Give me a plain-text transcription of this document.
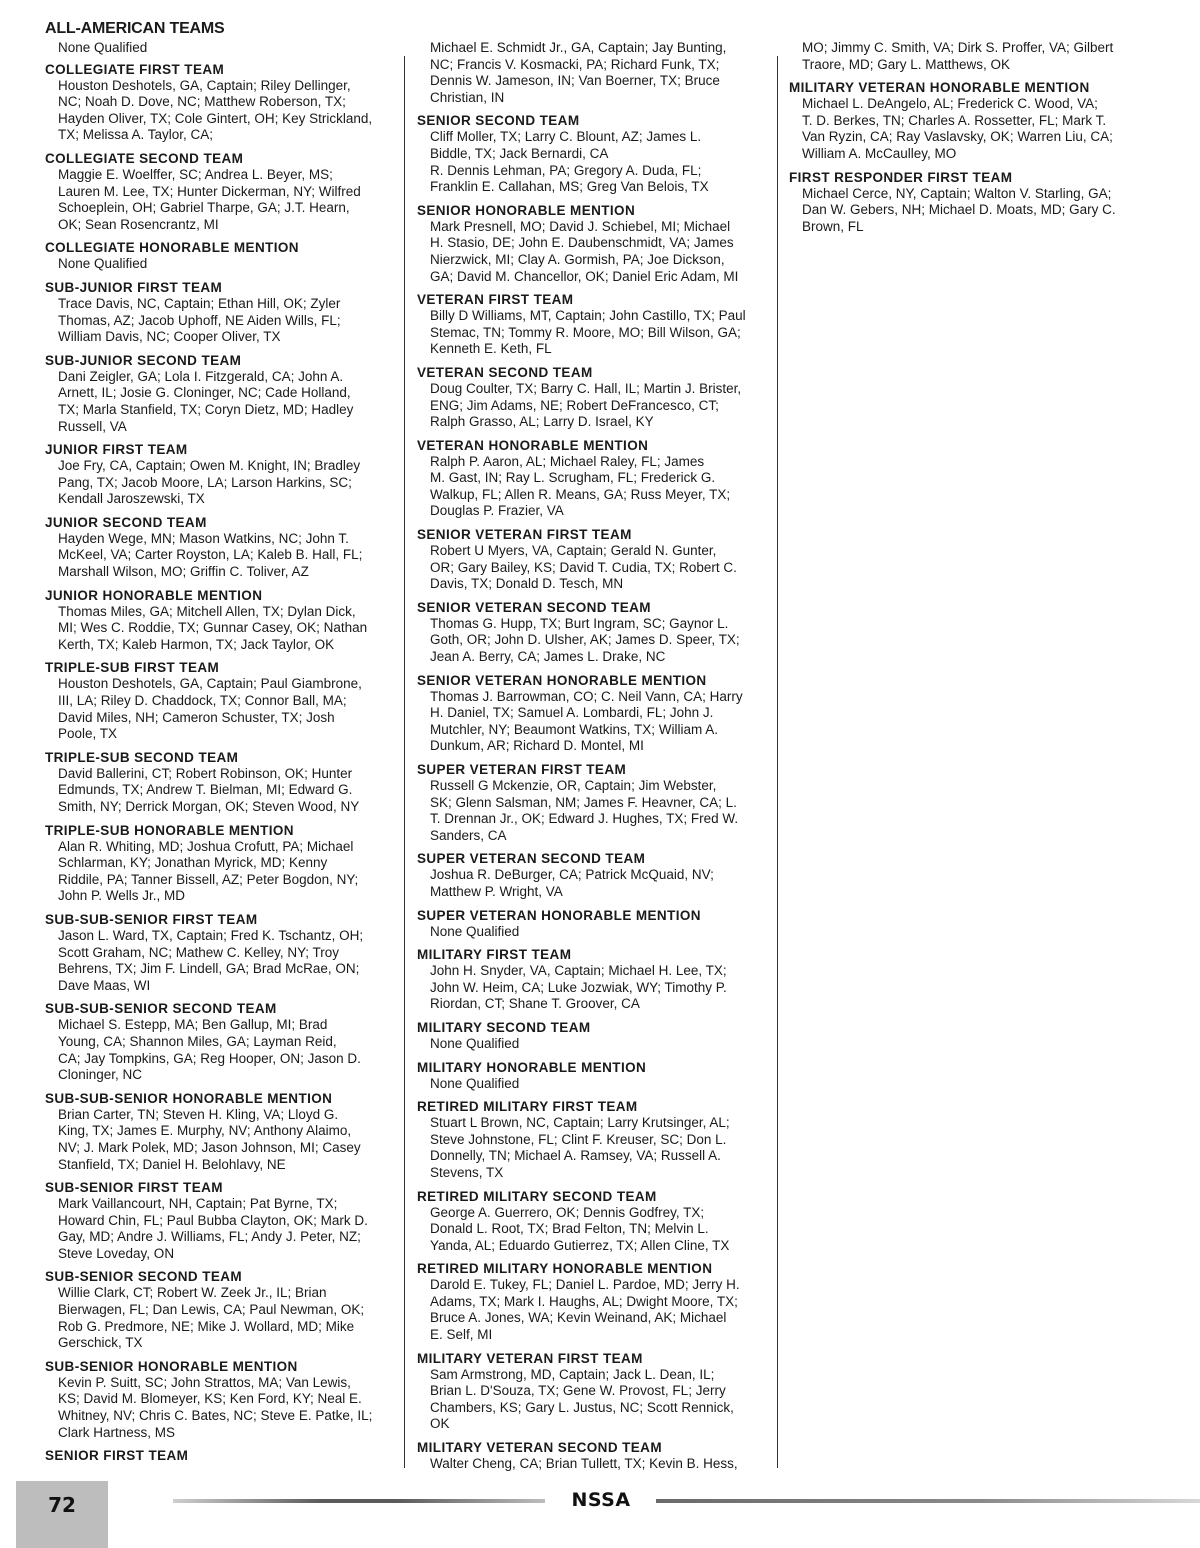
ALL-AMERICAN TEAMS
None Qualified
COLLEGIATE FIRST TEAM
Houston Deshotels, GA, Captain; Riley Dellinger,
NC; Noah D. Dove, NC; Matthew Roberson, TX;
Hayden Oliver, TX; Cole Gintert, OH; Key Strickland,
TX; Melissa A. Taylor, CA;
COLLEGIATE SECOND TEAM
Maggie E. Woelffer, SC; Andrea L. Beyer, MS;
Lauren M. Lee, TX; Hunter Dickerman, NY; Wilfred
Schoeplein, OH; Gabriel Tharpe, GA; J.T. Hearn,
OK; Sean Rosencrantz, MI
COLLEGIATE HONORABLE MENTION
None Qualified
SUB-JUNIOR FIRST TEAM
Trace Davis, NC, Captain; Ethan Hill, OK; Zyler
Thomas, AZ; Jacob Uphoff, NE Aiden Wills, FL;
William Davis, NC; Cooper Oliver, TX
SUB-JUNIOR SECOND TEAM
Dani Zeigler, GA; Lola I. Fitzgerald, CA; John A.
Arnett, IL; Josie G. Cloninger, NC; Cade Holland,
TX; Marla Stanfield, TX; Coryn Dietz, MD; Hadley
Russell, VA
JUNIOR FIRST TEAM
Joe Fry, CA, Captain; Owen M. Knight, IN; Bradley
Pang, TX; Jacob Moore, LA; Larson Harkins, SC;
Kendall Jaroszewski, TX
JUNIOR SECOND TEAM
Hayden Wege, MN; Mason Watkins, NC; John T.
McKeel, VA; Carter Royston, LA; Kaleb B. Hall, FL;
Marshall Wilson, MO; Griffin C. Toliver, AZ
JUNIOR HONORABLE MENTION
Thomas Miles, GA; Mitchell Allen, TX; Dylan Dick,
MI; Wes C. Roddie, TX; Gunnar Casey, OK; Nathan
Kerth, TX; Kaleb Harmon, TX; Jack Taylor, OK
TRIPLE-SUB FIRST TEAM
Houston Deshotels, GA, Captain; Paul Giambrone,
III, LA; Riley D. Chaddock, TX; Connor Ball, MA;
David Miles, NH; Cameron Schuster, TX; Josh
Poole, TX
TRIPLE-SUB SECOND TEAM
David Ballerini, CT; Robert Robinson, OK; Hunter
Edmunds, TX; Andrew T. Bielman, MI; Edward G.
Smith, NY; Derrick Morgan, OK; Steven Wood, NY
TRIPLE-SUB HONORABLE MENTION
Alan R. Whiting, MD; Joshua Crofutt, PA; Michael
Schlarman, KY; Jonathan Myrick, MD; Kenny
Riddile, PA; Tanner Bissell, AZ; Peter Bogdon, NY;
John P. Wells Jr., MD
SUB-SUB-SENIOR FIRST TEAM
Jason L. Ward, TX, Captain; Fred K. Tschantz, OH;
Scott Graham, NC; Mathew C. Kelley, NY; Troy
Behrens, TX; Jim F. Lindell, GA; Brad McRae, ON;
Dave Maas, WI
SUB-SUB-SENIOR SECOND TEAM
Michael S. Estepp, MA; Ben Gallup, MI; Brad
Young, CA; Shannon Miles, GA; Layman Reid,
CA; Jay Tompkins, GA; Reg Hooper, ON; Jason D.
Cloninger, NC
SUB-SUB-SENIOR HONORABLE MENTION
Brian Carter, TN; Steven H. Kling, VA; Lloyd G.
King, TX; James E. Murphy, NV; Anthony Alaimo,
NV; J. Mark Polek, MD; Jason Johnson, MI; Casey
Stanfield, TX; Daniel H. Belohlavy, NE
SUB-SENIOR FIRST TEAM
Mark Vaillancourt, NH, Captain; Pat Byrne, TX;
Howard Chin, FL; Paul Bubba Clayton, OK; Mark D.
Gay, MD; Andre J. Williams, FL; Andy J. Peter, NZ;
Steve Loveday, ON
SUB-SENIOR SECOND TEAM
Willie Clark, CT; Robert W. Zeek Jr., IL; Brian
Bierwagen, FL; Dan Lewis, CA; Paul Newman, OK;
Rob G. Predmore, NE; Mike J. Wollard, MD; Mike
Gerschick, TX
SUB-SENIOR HONORABLE MENTION
Kevin P. Suitt, SC; John Strattos, MA; Van Lewis,
KS; David M. Blomeyer, KS; Ken Ford, KY; Neal E.
Whitney, NV; Chris C. Bates, NC; Steve E. Patke, IL;
Clark Hartness, MS
SENIOR FIRST TEAM
Michael E. Schmidt Jr., GA, Captain; Jay Bunting,
NC; Francis V. Kosmacki, PA; Richard Funk, TX;
Dennis W. Jameson, IN; Van Boerner, TX; Bruce
Christian, IN
SENIOR SECOND TEAM
Cliff Moller, TX; Larry C. Blount, AZ; James L.
Biddle, TX; Jack Bernardi, CA
R. Dennis Lehman, PA; Gregory A. Duda, FL;
Franklin E. Callahan, MS; Greg Van Belois, TX
SENIOR HONORABLE MENTION
Mark Presnell, MO; David J. Schiebel, MI; Michael
H. Stasio, DE; John E. Daubenschmidt, VA; James
Nierzwick, MI; Clay A. Gormish, PA; Joe Dickson,
GA; David M. Chancellor, OK; Daniel Eric Adam, MI
VETERAN FIRST TEAM
Billy D Williams, MT, Captain; John Castillo, TX; Paul
Stemac, TN; Tommy R. Moore, MO; Bill Wilson, GA;
Kenneth E. Keth, FL
VETERAN SECOND TEAM
Doug Coulter, TX; Barry C. Hall, IL; Martin J. Brister,
ENG; Jim Adams, NE; Robert DeFrancesco, CT;
Ralph Grasso, AL; Larry D. Israel, KY
VETERAN HONORABLE MENTION
Ralph P. Aaron, AL; Michael Raley, FL; James
M. Gast, IN; Ray L. Scrugham, FL; Frederick G.
Walkup, FL; Allen R. Means, GA; Russ Meyer, TX;
Douglas P. Frazier, VA
SENIOR VETERAN FIRST TEAM
Robert U Myers, VA, Captain; Gerald N. Gunter,
OR; Gary Bailey, KS; David T. Cudia, TX; Robert C.
Davis, TX; Donald D. Tesch, MN
SENIOR VETERAN SECOND TEAM
Thomas G. Hupp, TX; Burt Ingram, SC; Gaynor L.
Goth, OR; John D. Ulsher, AK; James D. Speer, TX;
Jean A. Berry, CA; James L. Drake, NC
SENIOR VETERAN HONORABLE MENTION
Thomas J. Barrowman, CO; C. Neil Vann, CA; Harry
H. Daniel, TX; Samuel A. Lombardi, FL; John J.
Mutchler, NY; Beaumont Watkins, TX; William A.
Dunkum, AR; Richard D. Montel, MI
SUPER VETERAN FIRST TEAM
Russell G Mckenzie, OR, Captain; Jim Webster,
SK; Glenn Salsman, NM; James F. Heavner, CA; L.
T. Drennan Jr., OK; Edward J. Hughes, TX; Fred W.
Sanders, CA
SUPER VETERAN SECOND TEAM
Joshua R. DeBurger, CA; Patrick McQuaid, NV;
Matthew P. Wright, VA
SUPER VETERAN HONORABLE MENTION
None Qualified
MILITARY FIRST TEAM
John H. Snyder, VA, Captain; Michael H. Lee, TX;
John W. Heim, CA; Luke Jozwiak, WY; Timothy P.
Riordan, CT; Shane T. Groover, CA
MILITARY SECOND TEAM
None Qualified
MILITARY HONORABLE MENTION
None Qualified
RETIRED MILITARY FIRST TEAM
Stuart L Brown, NC, Captain; Larry Krutsinger, AL;
Steve Johnstone, FL; Clint F. Kreuser, SC; Don L.
Donnelly, TN; Michael A. Ramsey, VA; Russell A.
Stevens, TX
RETIRED MILITARY SECOND TEAM
George A. Guerrero, OK; Dennis Godfrey, TX;
Donald L. Root, TX; Brad Felton, TN; Melvin L.
Yanda, AL; Eduardo Gutierrez, TX; Allen Cline, TX
RETIRED MILITARY HONORABLE MENTION
Darold E. Tukey, FL; Daniel L. Pardoe, MD; Jerry H.
Adams, TX; Mark I. Haughs, AL; Dwight Moore, TX;
Bruce A. Jones, WA; Kevin Weinand, AK; Michael
E. Self, MI
MILITARY VETERAN FIRST TEAM
Sam Armstrong, MD, Captain; Jack L. Dean, IL;
Brian L. D'Souza, TX; Gene W. Provost, FL; Jerry
Chambers, KS; Gary L. Justus, NC; Scott Rennick,
OK
MILITARY VETERAN SECOND TEAM
Walter Cheng, CA; Brian Tullett, TX; Kevin B. Hess,
MO; Jimmy C. Smith, VA; Dirk S. Proffer, VA; Gilbert
Traore, MD; Gary L. Matthews, OK
MILITARY VETERAN HONORABLE MENTION
Michael L. DeAngelo, AL; Frederick C. Wood, VA;
T. D. Berkes, TN; Charles A. Rossetter, FL; Mark T.
Van Ryzin, CA; Ray Vaslavsky, OK; Warren Liu, CA;
William A. McCaulley, MO
FIRST RESPONDER FIRST TEAM
Michael Cerce, NY, Captain; Walton V. Starling, GA;
Dan W. Gebers, NH; Michael D. Moats, MD; Gary C.
Brown, FL
72	NSSA
